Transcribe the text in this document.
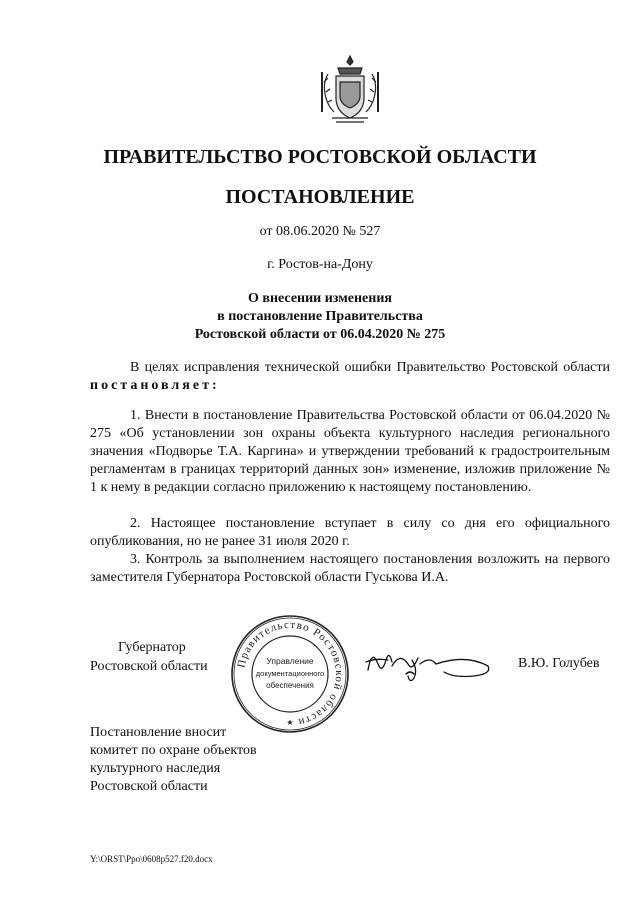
ПРАВИТЕЛЬСТВО РОСТОВСКОЙ ОБЛАСТИ
ПОСТАНОВЛЕНИЕ
от 08.06.2020 № 527
г. Ростов-на-Дону
О внесении изменения
в постановление Правительства
Ростовской области от 06.04.2020 № 275
В целях исправления технической ошибки Правительство Ростовской области постановляет:
1. Внести в постановление Правительства Ростовской области от 06.04.2020 № 275 «Об установлении зон охраны объекта культурного наследия регионального значения «Подворье Т.А. Каргина» и утверждении требований к градостроительным регламентам в границах территорий данных зон» изменение, изложив приложение № 1 к нему в редакции согласно приложению к настоящему постановлению.
2. Настоящее постановление вступает в силу со дня его официального опубликования, но не ранее 31 июля 2020 г.
3. Контроль за выполнением настоящего постановления возложить на первого заместителя Губернатора Ростовской области Гуськова И.А.
Губернатор
Ростовской области	Правительство Ростовской области
Управление
документационного
обеспечения
★
В.Ю. Голубев
Постановление вносит
комитет по охране объектов
культурного наследия
Ростовской области
Y:\ORST\Ppo\0608p527.f20.docx
